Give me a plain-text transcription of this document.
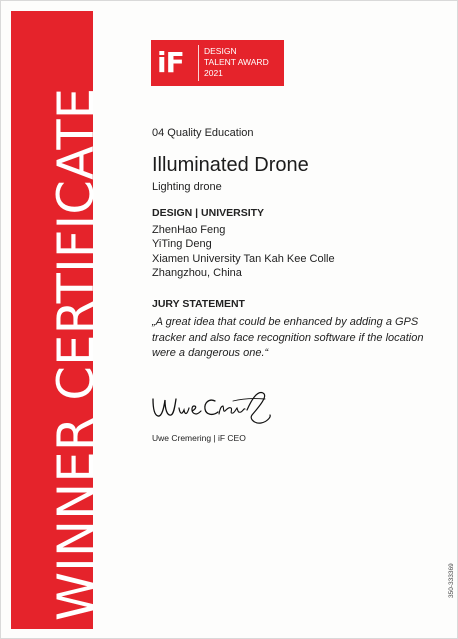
WINNER CERTIFICATE
iF	DESIGN
TALENT AWARD
2021
04 Quality Education
Illuminated Drone
Lighting drone
DESIGN | UNIVERSITY
ZhenHao Feng
YiTing Deng
Xiamen University Tan Kah Kee Colle
Zhangzhou, China
JURY STATEMENT
„A great idea that could be enhanced by adding a GPS tracker and also face recognition software if the location were a dangerous one.“
Uwe Cremering | iF CEO
350-333369
